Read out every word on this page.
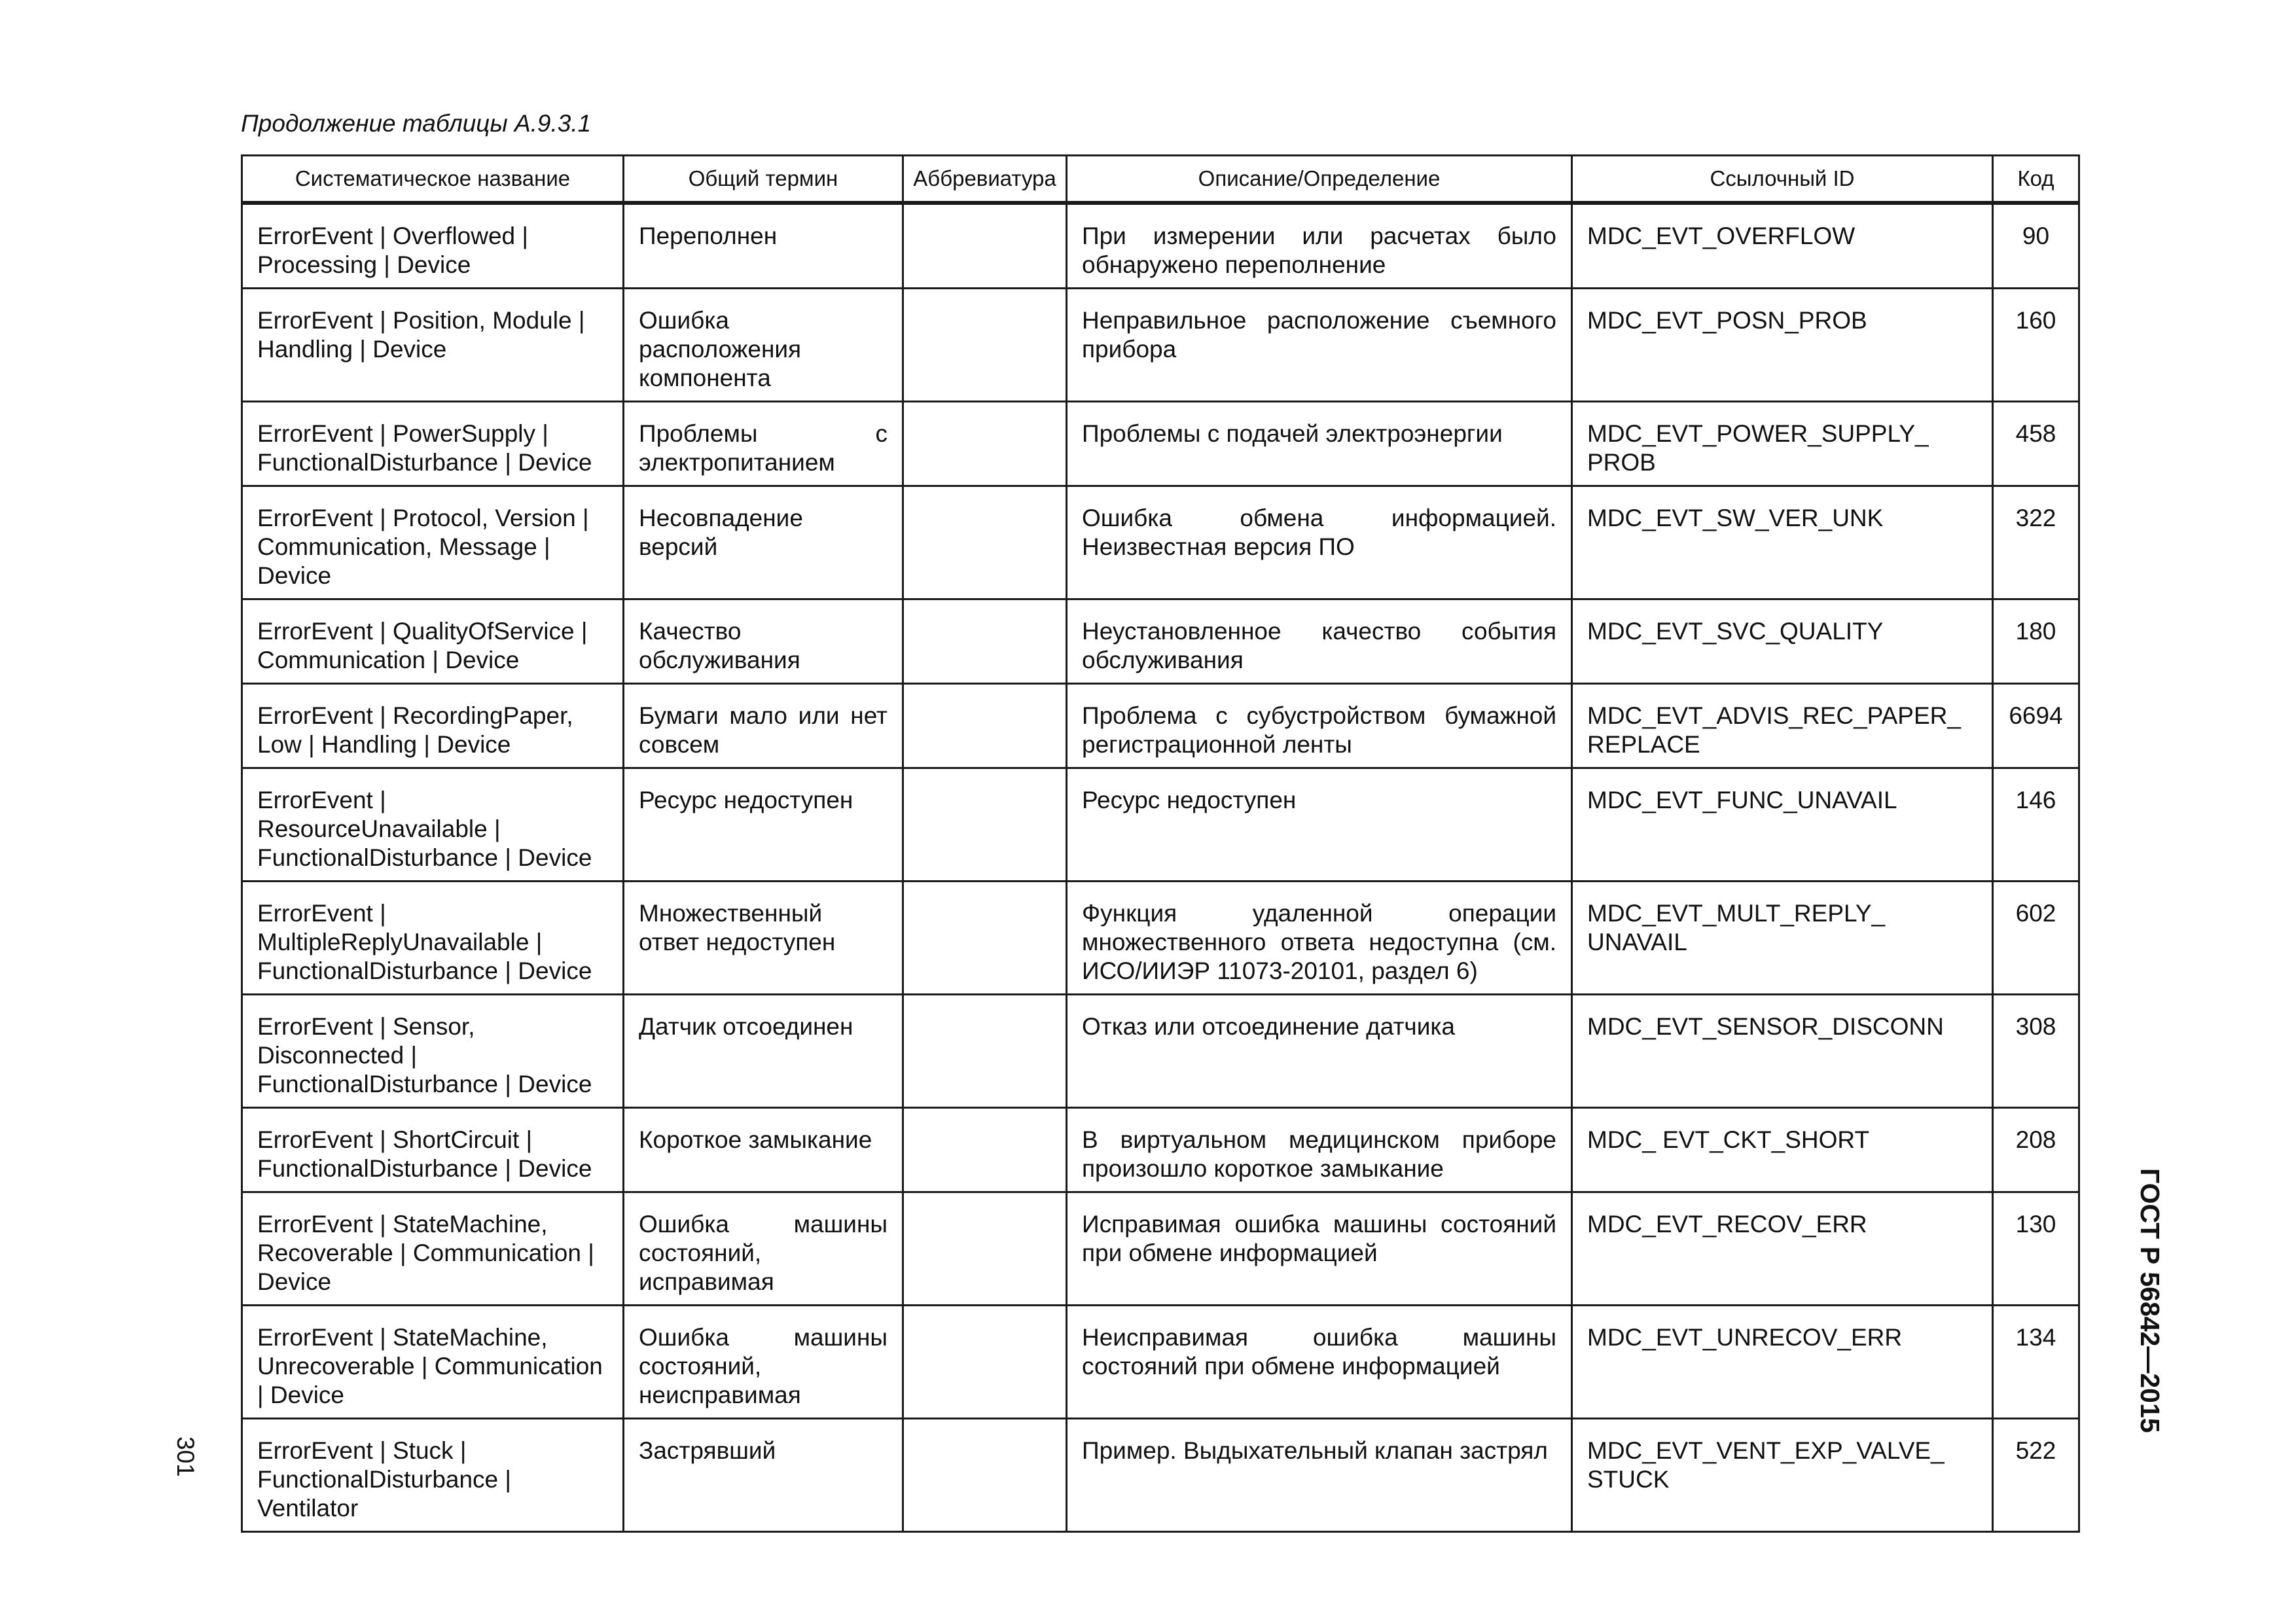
Продолжение таблицы А.9.3.1
Систематическое название	Общий термин	Аббревиатура	Описание/Определение	Ссылочный ID	Код
ErrorEvent | Overflowed | Processing | Device	Переполнен		При измерении или расчетах было обнаружено переполнение	MDC_EVT_OVERFLOW	90
ErrorEvent | Position, Module | Handling | Device	Ошибка расположения компонента		Неправильное расположение съемного прибора	MDC_EVT_POSN_PROB	160
ErrorEvent | PowerSupply | FunctionalDisturbance | Device	Проблемы с электропитанием		Проблемы с подачей электроэнергии	MDC_EVT_POWER_SUPPLY_ PROB	458
ErrorEvent | Protocol, Version | Communication, Message | Device	Несовпадение версий		Ошибка обмена информацией. Неизвестная версия ПО	MDC_EVT_SW_VER_UNK	322
ErrorEvent | QualityOfService | Communication | Device	Качество обслуживания		Неустановленное качество события обслуживания	MDC_EVT_SVC_QUALITY	180
ErrorEvent | RecordingPaper, Low | Handling | Device	Бумаги мало или нет совсем		Проблема с субустройством бумажной регистрационной ленты	MDC_EVT_ADVIS_REC_PAPER_ REPLACE	6694
ErrorEvent | ResourceUnavailable | FunctionalDisturbance | Device	Ресурс недоступен		Ресурс недоступен	MDC_EVT_FUNC_UNAVAIL	146
ErrorEvent | MultipleReplyUnavailable | FunctionalDisturbance | Device	Множественный ответ недоступен		Функция удаленной операции множественного ответа недоступна (см. ИСО/ИИЭР 11073-20101, раздел 6)	MDC_EVT_MULT_REPLY_ UNAVAIL	602
ErrorEvent | Sensor, Disconnected | FunctionalDisturbance | Device	Датчик отсоединен		Отказ или отсоединение датчика	MDC_EVT_SENSOR_DISCONN	308
ErrorEvent | ShortCircuit | FunctionalDisturbance | Device	Короткое замыкание		В виртуальном медицинском приборе произошло короткое замыкание	MDC_ EVT_CKT_SHORT	208
ErrorEvent | StateMachine, Recoverable | Communication | Device	Ошибка машины состояний, исправимая		Исправимая ошибка машины состояний при обмене информацией	MDC_EVT_RECOV_ERR	130
ErrorEvent | StateMachine, Unrecoverable | Communication | Device	Ошибка машины состояний, неисправимая		Неисправимая ошибка машины состояний при обмене информацией	MDC_EVT_UNRECOV_ERR	134
ErrorEvent | Stuck | FunctionalDisturbance | Ventilator	Застрявший		Пример. Выдыхательный клапан застрял	MDC_EVT_VENT_EXP_VALVE_ STUCK	522
ГОСТ Р 56842—2015
301
